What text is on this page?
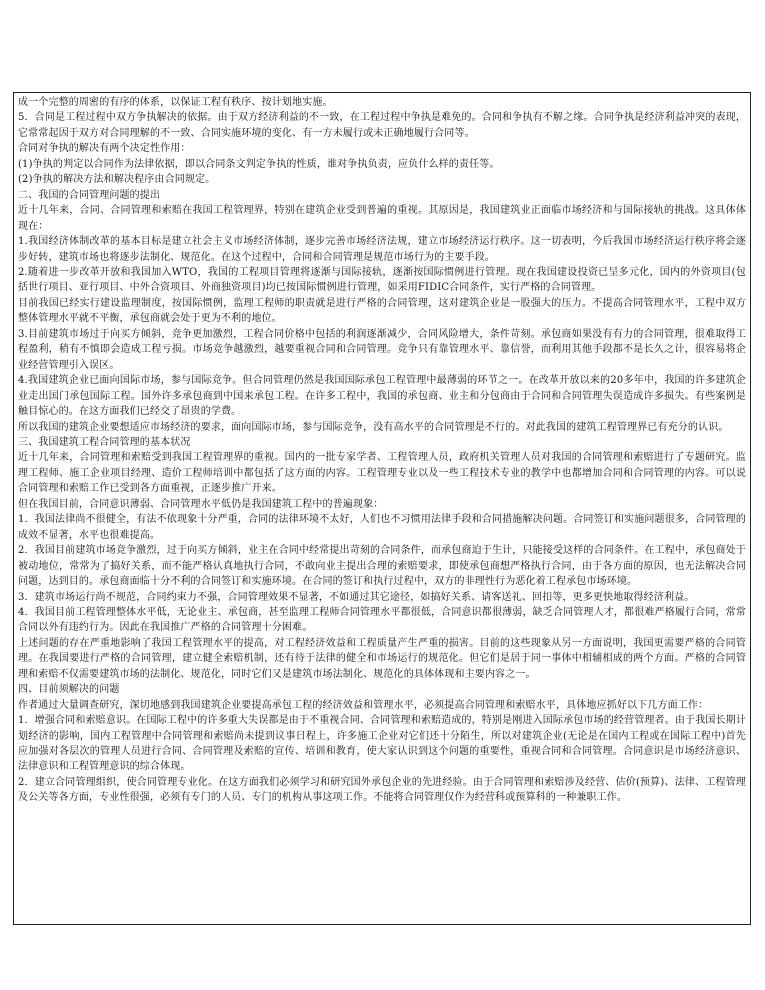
成一个完整的周密的有序的体系，以保证工程有秩序、按计划地实施。

5．合同是工程过程中双方争执解决的依据。由于双方经济利益的不一致，在工程过程中争执是难免的。合同和争执有不解之缘。合同争执是经济利益冲突的表现，它常常起因于双方对合同理解的不一致、合同实施环境的变化、有一方未履行或未正确地履行合同等。

合同对争执的解决有两个决定性作用：

(1)争执的判定以合同作为法律依据，即以合同条文判定争执的性质，谁对争执负责，应负什么样的责任等。

(2)争执的解决方法和解决程序由合同规定。

二、我国的合同管理问题的提出

近十几年来，合同、合同管理和索赔在我国工程管理界，特别在建筑企业受到普遍的重视。其原因是，我国建筑业正面临市场经济和与国际接轨的挑战。这具体体现在：

1.我国经济体制改革的基本目标是建立社会主义市场经济体制，逐步完善市场经济法规，建立市场经济运行秩序。这一切表明，今后我国市场经济运行秩序将会逐步好转，建筑市场也将逐步法制化、规范化。在这个过程中，合同和合同管理是规范市场行为的主要手段。

2.随着进一步改革开放和我国加入WTO，我国的工程项目管理将逐渐与国际接轨，逐渐按国际惯例进行管理。现在我国建设投资已呈多元化，国内的外资项目(包括世行项目、亚行项目、中外合资项目、外商独资项目)均已按国际惯例进行管理，如采用FIDIC合同条件，实行严格的合同管理。

目前我国已经实行建设监理制度，按国际惯例，监理工程师的职责就是进行严格的合同管理，这对建筑企业是一股强大的压力。不提高合同管理水平，工程中双方整体管理水平就不平衡，承包商就会处于更为不利的地位。

3.目前建筑市场过于向买方倾斜，竞争更加激烈，工程合同价格中包括的利润逐渐减少，合同风险增大，条件苛刻。承包商如果没有有力的合同管理，很难取得工程盈利，稍有不慎即会造成工程亏损。市场竞争越激烈，越要重视合同和合同管理。竞争只有靠管理水平、靠信誉，而利用其他手段都不是长久之计，很容易将企业经营管理引入误区。

4.我国建筑企业已面向国际市场，参与国际竞争。但合同管理仍然是我国国际承包工程管理中最薄弱的环节之一。在改革开放以来的20多年中，我国的许多建筑企业走出国门承包国际工程。国外许多承包商到中国来承包工程。在许多工程中，我国的承包商、业主和分包商由于合同和合同管理失误造成许多损失。有些案例是触目惊心的。在这方面我们已经交了昂贵的学费。

所以我国的建筑企业要想适应市场经济的要求，面向国际市场，参与国际竞争，没有高水平的合同管理是不行的。对此我国的建筑工程管理界已有充分的认识。

三、我国建筑工程合同管理的基本状况

近十几年来，合同管理和索赔受到我国工程管理界的重视。国内的一批专家学者、工程管理人员，政府机关管理人员对我国的合同管理和索赔进行了专题研究。监理工程师、施工企业项目经理、造价工程师培训中都包括了这方面的内容。工程管理专业以及一些工程技术专业的教学中也都增加合同和合同管理的内容。可以说合同管理和索赔工作已受到各方面重视，正逐步推广开来。

但在我国目前，合同意识薄弱、合同管理水平低仍是我国建筑工程中的普遍现象：

1．我国法律尚不很健全，有法不依现象十分严重，合同的法律环境不太好，人们也不习惯用法律手段和合同措施解决问题。合同签订和实施问题很多，合同管理的成效不显著，水平也很难提高。

2．我国目前建筑市场竞争激烈，过于向买方倾斜，业主在合同中经常提出苛刻的合同条件，而承包商迫于生计，只能接受这样的合同条件。在工程中，承包商处于被动地位，常常为了搞好关系，而不能严格认真地执行合同，不敢向业主提出合理的索赔要求，即使承包商想严格执行合同，由于各方面的原因，也无法解决合同问题，达到目的。承包商面临十分不利的合同签订和实施环境。在合同的签订和执行过程中，双方的非理性行为恶化着工程承包市场环境。

3．建筑市场运行尚不规范，合同约束力不强，合同管理效果不显著，不如通过其它途径，如搞好关系、请客送礼、回扣等，更多更快地取得经济利益。

4．我国目前工程管理整体水平低，无论业主、承包商，甚至监理工程师合同管理水平都很低，合同意识都很薄弱，缺乏合同管理人才，都很难严格履行合同，常常合同以外有违约行为。因此在我国推广严格的合同管理十分困难。

上述问题的存在严重地影响了我国工程管理水平的提高，对工程经济效益和工程质量产生严重的损害。目前的这些现象从另一方面说明，我国更需要严格的合同管理。在我国要进行严格的合同管理，建立健全索赔机制，还有待于法律的健全和市场运行的规范化。但它们是居于同一事体中相辅相成的两个方面。严格的合同管理和索赔不仅需要建筑市场的法制化、规范化，同时它们又是建筑市场法制化、规范化的具体体现和主要内容之一。

四、目前须解决的问题

作者通过大量调查研究，深切地感到我国建筑企业要提高承包工程的经济效益和管理水平，必须提高合同管理和索赔水平，具体地应抓好以下几方面工作：

1．增强合同和索赔意识。在国际工程中的许多重大失误都是由于不重视合同、合同管理和索赔造成的，特别是刚进入国际承包市场的经营管理者。由于我国长期计划经济的影响，国内工程管理中合同管理和索赔尚未提到议事日程上，许多施工企业对它们还十分陌生，所以对建筑企业(无论是在国内工程或在国际工程中)首先应加强对各层次的管理人员进行合同、合同管理及索赔的宣传、培训和教育，使大家认识到这个问题的重要性，重视合同和合同管理。合同意识是市场经济意识、法律意识和工程管理意识的综合体现。

2．建立合同管理组织，使合同管理专业化。在这方面我们必须学习和研究国外承包企业的先进经验。由于合同管理和索赔涉及经营、估价(预算)、法律、工程管理及公关等各方面，专业性很强，必须有专门的人员、专门的机构从事这项工作。不能将合同管理仅作为经营科或预算科的一种兼职工作。
